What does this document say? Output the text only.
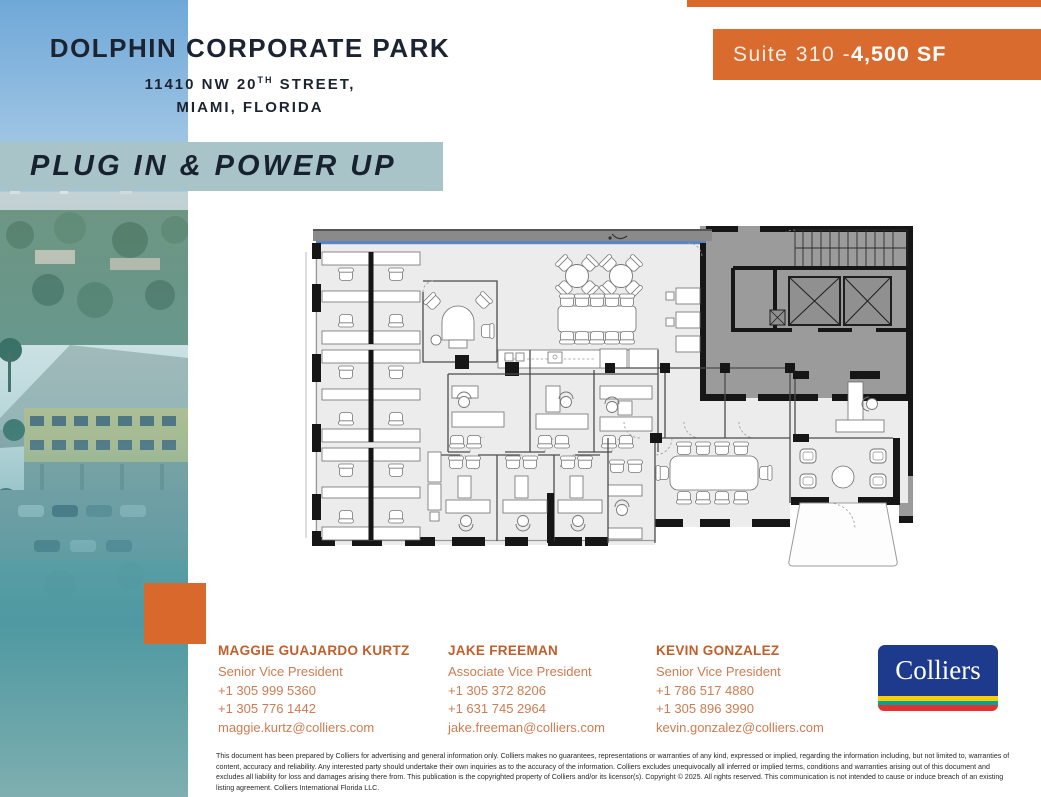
DOLPHIN CORPORATE PARK
11410 NW 20TH STREET,
MIAMI, FLORIDA
PLUG IN & POWER UP
Suite 310 - 4,500 SF
MAGGIE GUAJARDO KURTZ
Senior Vice President
+1 305 999 5360
+1 305 776 1442
maggie.kurtz@colliers.com
JAKE FREEMAN
Associate Vice President
+1 305 372 8206
+1 631 745 2964
jake.freeman@colliers.com
KEVIN GONZALEZ
Senior Vice President
+1 786 517 4880
+1 305 896 3990
kevin.gonzalez@colliers.com
Colliers
This document has been prepared by Colliers for advertising and general information only. Colliers makes no guarantees, representations or warranties of any kind, expressed or implied, regarding the information including, but not limited to, warranties of content, accuracy and reliability. Any interested party should undertake their own inquiries as to the accuracy of the information. Colliers excludes unequivocally all inferred or implied terms, conditions and warranties arising out of this document and excludes all liability for loss and damages arising there from. This publication is the copyrighted property of Colliers and/or its licensor(s). Copyright © 2025. All rights reserved. This communication is not intended to cause or induce breach of an existing listing agreement. Colliers International Florida LLC.
